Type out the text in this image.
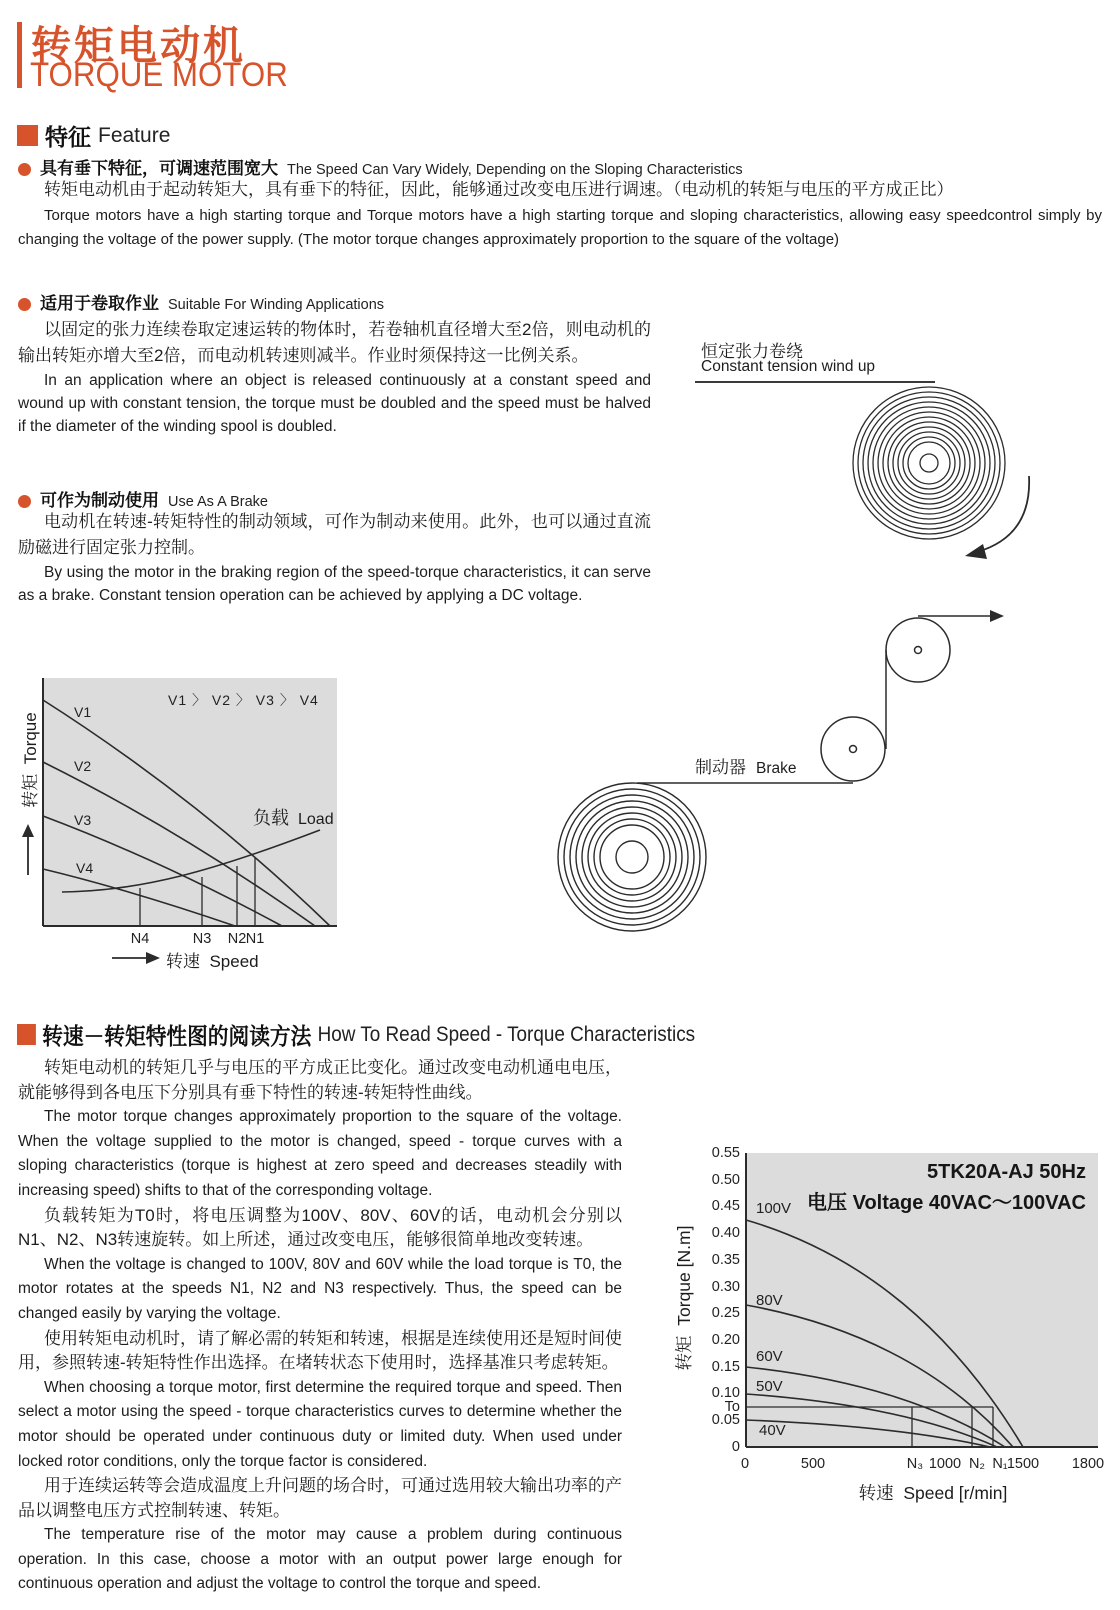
转矩电动机
TORQUE MOTOR
特征 Feature
具有垂下特征，可调速范围宽大 The Speed Can Vary Widely, Depending on the Sloping Characteristics
转矩电动机由于起动转矩大，具有垂下的特征，因此，能够通过改变电压进行调速。（电动机的转矩与电压的平方成正比）
Torque motors have a high starting torque and Torque motors have a high starting torque and sloping characteristics, allowing easy speedcontrol simply by changing the voltage of the power supply. (The motor torque changes approximately proportion to the square of the voltage)
适用于卷取作业 Suitable For Winding Applications
以固定的张力连续卷取定速运转的物体时，若卷轴机直径增大至2倍，则电动机的输出转矩亦增大至2倍，而电动机转速则减半。作业时须保持这一比例关系。
In an application where an object is released continuously at a constant speed and wound up with constant tension, the torque must be doubled and the speed must be halved if the diameter of the winding spool is doubled.
恒定张力卷绕
Constant tension wind up
可作为制动使用 Use As A Brake
电动机在转速-转矩特性的制动领域，可作为制动来使用。此外，也可以通过直流励磁进行固定张力控制。
By using the motor in the braking region of the speed-torque characteristics, it can serve as a brake. Constant tension operation can be achieved by applying a DC voltage.
制动器 Brake
V1 〉 V2 〉 V3 〉 V4
V1
V2
V3
V4
负载 Load
N4	N3 N2 N1
转矩  Torque
转速 Speed
转速－转矩特性图的阅读方法 How To Read Speed - Torque Characteristics

转矩电动机的转矩几乎与电压的平方成正比变化。通过改变电动机通电电压，就能够得到各电压下分别具有垂下特性的转速-转矩特性曲线。

The motor torque changes approximately proportion to the square of the voltage. When the voltage supplied to the motor is changed, speed - torque curves with a sloping characteristics (torque is highest at zero speed and decreases steadily with increasing speed) shifts to that of the corresponding voltage.

负载转矩为T0时，将电压调整为100V、80V、60V的话，电动机会分别以N1、N2、N3转速旋转。如上所述，通过改变电压，能够很简单地改变转速。

When the voltage is changed to 100V, 80V and 60V while the load torque is T0, the motor rotates at the speeds N1, N2 and N3 respectively. Thus, the speed can be changed easily by varying the voltage.

使用转矩电动机时，请了解必需的转矩和转速，根据是连续使用还是短时间使用，参照转速-转矩特性作出选择。在堵转状态下使用时，选择基准只考虑转矩。

When choosing a torque motor, first determine the required torque and speed. Then select a motor using the speed - torque characteristics curves to determine whether the motor should be operated under continuous duty or limited duty. When used under locked rotor conditions, only the torque factor is considered.

用于连续运转等会造成温度上升问题的场合时，可通过选用较大输出功率的产品以调整电压方式控制转速、转矩。

The temperature rise of the motor may cause a problem during continuous operation. In this case, choose a motor with an output power large enough for continuous operation and adjust the voltage to control the torque and speed.

5TK20A-AJ 50Hz
电压 Voltage 40VAC～100VAC
0.55
0.50
0.45
0.40
0.35
0.30
0.25
0.20
0.15
0.10
To
0.05
0
0	500	N₃ 1000 N₂ N₁ 1500	1800
100V
80V
60V
50V
40V
转矩  Torque [N.m]
转速 Speed [r/min]
